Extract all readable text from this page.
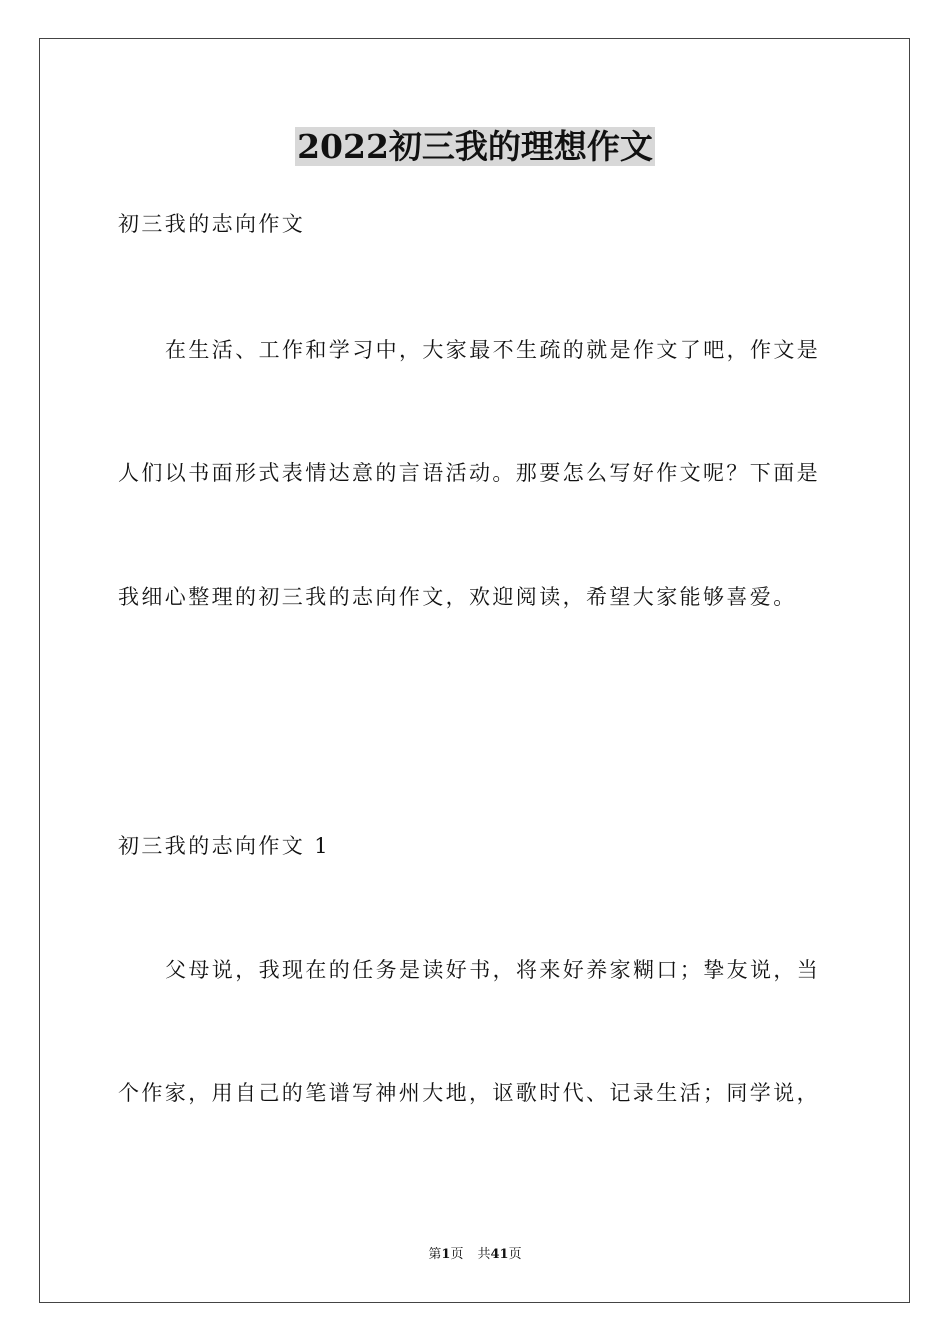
2022初三我的理想作文
初三我的志向作文
在生活、工作和学习中，大家最不生疏的就是作文了吧，作文是
人们以书面形式表情达意的言语活动。那要怎么写好作文呢？下面是
我细心整理的初三我的志向作文，欢迎阅读，希望大家能够喜爱。
初三我的志向作文 1
父母说，我现在的任务是读好书，将来好养家糊口；挚友说，当
个作家，用自己的笔谱写神州大地，讴歌时代、记录生活；同学说，
第1页 共41页
